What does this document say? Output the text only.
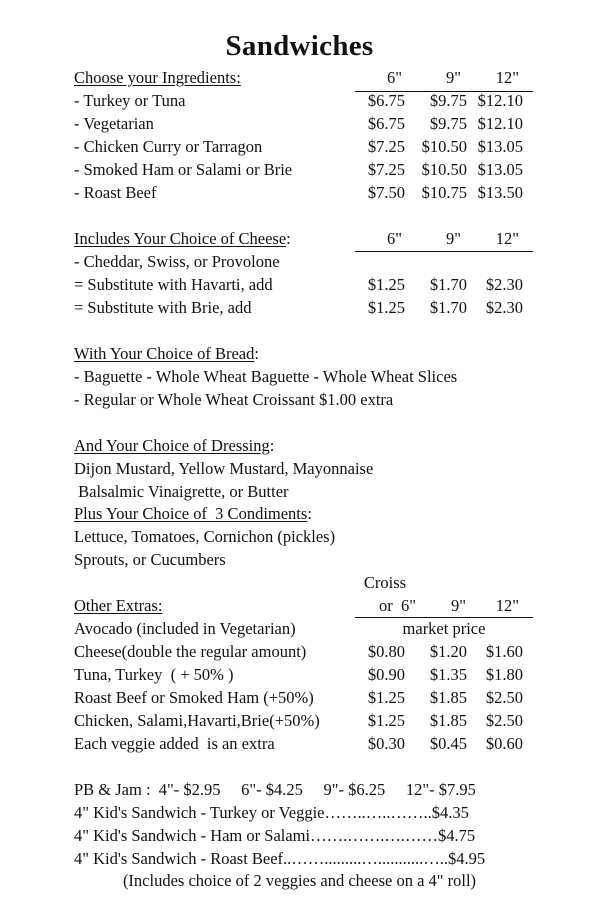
Sandwiches
Choose your Ingredients:	6"	9" 12"
- Turkey or Tuna	$6.75 $9.75 $12.10
- Vegetarian	$6.75 $9.75 $12.10
- Chicken Curry or Tarragon	$7.25 $10.50 $13.05
- Smoked Ham or Salami or Brie	$7.25 $10.50 $13.05
- Roast Beef	$7.50 $10.75 $13.50
Includes Your Choice of Cheese:	6"	9" 12"
- Cheddar, Swiss, or Provolone
= Substitute with Havarti, add	$1.25 $1.70 $2.30
= Substitute with Brie, add	$1.25 $1.70 $2.30
With Your Choice of Bread:
- Baguette - Whole Wheat Baguette - Whole Wheat Slices
- Regular or Whole Wheat Croissant $1.00 extra
And Your Choice of Dressing:
Dijon Mustard, Yellow Mustard, Mayonnaise
Balsalmic Vinaigrette, or Butter
Plus Your Choice of  3 Condiments:
Lettuce, Tomatoes, Cornichon (pickles)
Sprouts, or Cucumbers
Croiss
Other Extras:	or  6" 9" 12"
Avocado (included in Vegetarian)	market price
Cheese(double the regular amount)	$0.80 $1.20 $1.60
Tuna, Turkey  ( + 50% )	$0.90 $1.35 $1.80
Roast Beef or Smoked Ham (+50%)	$1.25 $1.85 $2.50
Chicken, Salami,Havarti,Brie(+50%)	$1.25 $1.85 $2.50
Each veggie added  is an extra	$0.30 $0.45 $0.60
PB & Jam :  4"- $2.95     6"- $4.25     9"- $6.25     12"- $7.95
4" Kid's Sandwich - Turkey or Veggie……..…..……..$4.35
4" Kid's Sandwich - Ham or Salami…….…….….……$4.75
4" Kid's Sandwich - Roast Beef..…….........…...........…..$4.95
(Includes choice of 2 veggies and cheese on a 4" roll)
